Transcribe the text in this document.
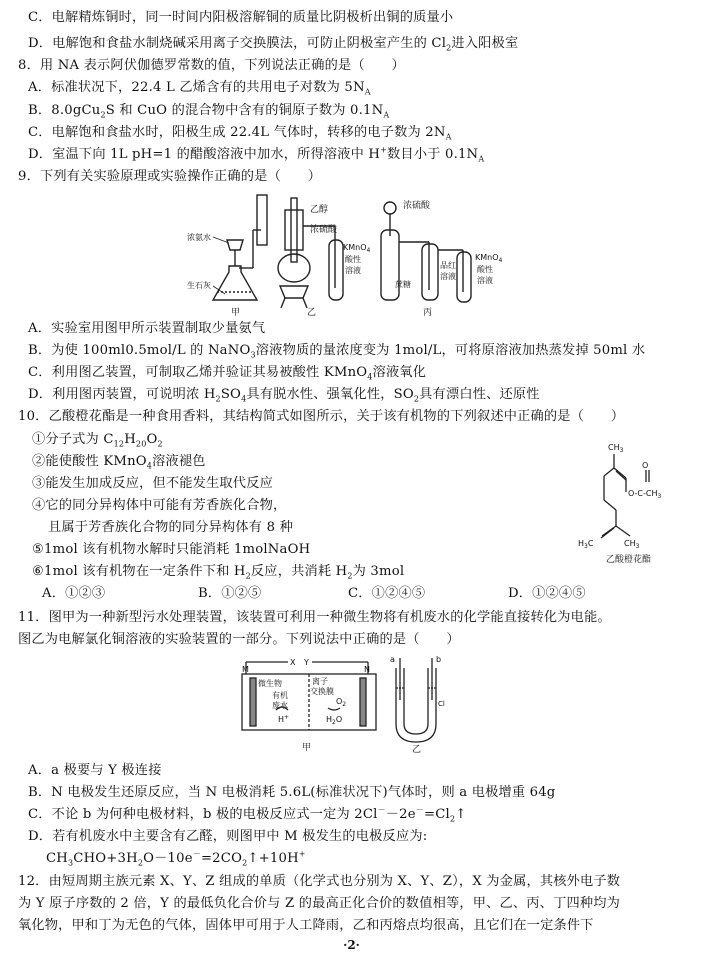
C．电解精炼铜时，同一时间内阳极溶解铜的质量比阴极析出铜的质量小
D．电解饱和食盐水制烧碱采用离子交换膜法，可防止阴极室产生的 $Cl_2$进入阳极室
8．用 NA 表示阿伏伽德罗常数的值，下列说法正确的是（　　）
A．标准状况下，22.4 L 乙烯含有的共用电子对数为 $5N_A$
B．8.0gCu$_2$S 和 CuO 的混合物中含有的铜原子数为 $0.1N_A$
C．电解饱和食盐水时，阳极生成 22.4L 气体时，转移的电子数为 $2N_A$
D．室温下向 1L pH=1 的醋酸溶液中加水，所得溶液中 H+数目小于 $0.1N_A$
9．下列有关实验原理或实验操作正确的是（　　）
浓氨水
生石灰
甲
乙醇
浓硫酸
KMnO$_4$
酸性
溶液
乙
浓硫酸
蔗糖
品红
溶液
KMnO$_4$
酸性
溶液
丙
A．实验室用图甲所示装置制取少量氨气
B．为使 100ml0.5mol/L 的 NaNO$_3$溶液物质的量浓度变为 1mol/L，可将原溶液加热蒸发掉 50ml 水
C．利用图乙装置，可制取乙烯并验证其易被酸性 KMnO$_4$溶液氧化
D．利用图丙装置，可说明浓 $H_2SO_4$具有脱水性、强氧化性，$SO_2$具有漂白性、还原性
10．乙酸橙花酯是一种食用香料，其结构简式如图所示，关于该有机物的下列叙述中正确的是（　　）
①分子式为 $C_{12}H_{20}O_2$
②能使酸性 KMnO$_4$溶液褪色
③能发生加成反应，但不能发生取代反应
④它的同分异构体中可能有芳香族化合物，
且属于芳香族化合物的同分异构体有 8 种
⑤1mol 该有机物水解时只能消耗 1molNaOH
⑥1mol 该有机物在一定条件下和 $H_2$反应，共消耗 $H_2$为 3mol
A．①②③	B．①②⑤	C．①②④⑤	D．①②④⑤
$CH_3$
O
$O-C-CH_3$
$H_3C$	$CH_3$
乙酸橙花酯
11．图甲为一种新型污水处理装置，该装置可利用一种微生物将有机废水的化学能直接转化为电能。
图乙为电解氯化铜溶液的实验装置的一部分。下列说法中正确的是（　　）
X Y
M	N
离子
交换膜
微生物
有机
废水
H+
$O_2$
$H_2O$
甲
a	b
Cl
乙
A．a 极要与 Y 极连接
B．N 电极发生还原反应，当 N 电极消耗 5.6L(标准状况下)气体时，则 a 电极增重 64g
C．不论 b 为何种电极材料，b 极的电极反应式一定为 $2Cl^--2e^-=Cl_2↑$
D．若有机废水中主要含有乙醛，则图甲中 M 极发生的电极反应为:
$CH_3CHO+3H_2O-10e^-=2CO_2↑+10H^+$
12．由短周期主族元素 X、Y、Z 组成的单质（化学式也分别为 X、Y、Z），X 为金属，其核外电子数
为 Y 原子序数的 2 倍，Y 的最低负化合价与 Z 的最高正化合价的数值相等，甲、乙、丙、丁四种均为
氧化物，甲和丁为无色的气体，固体甲可用于人工降雨，乙和丙熔点均很高，且它们在一定条件下
·2·
